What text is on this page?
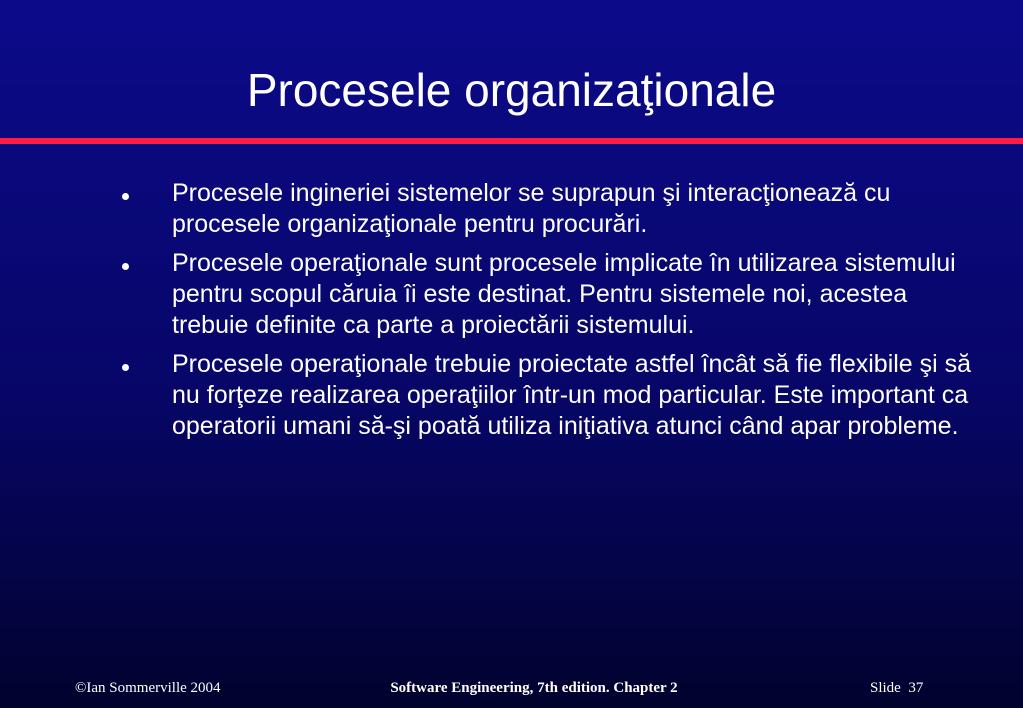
Procesele organizaţionale
Procesele ingineriei sistemelor se suprapun şi interacţionează cu procesele organizaţionale pentru procurări.
Procesele operaţionale sunt procesele implicate în utilizarea sistemului pentru scopul căruia îi este destinat. Pentru sistemele noi, acestea trebuie definite ca parte a proiectării sistemului.
Procesele operaţionale trebuie proiectate astfel încât să fie flexibile şi să nu forţeze realizarea operaţiilor într-un mod particular. Este important ca operatorii umani să-şi poată utiliza iniţiativa atunci când apar probleme.
©Ian Sommerville 2004	Software Engineering, 7th edition. Chapter 2	Slide  37
